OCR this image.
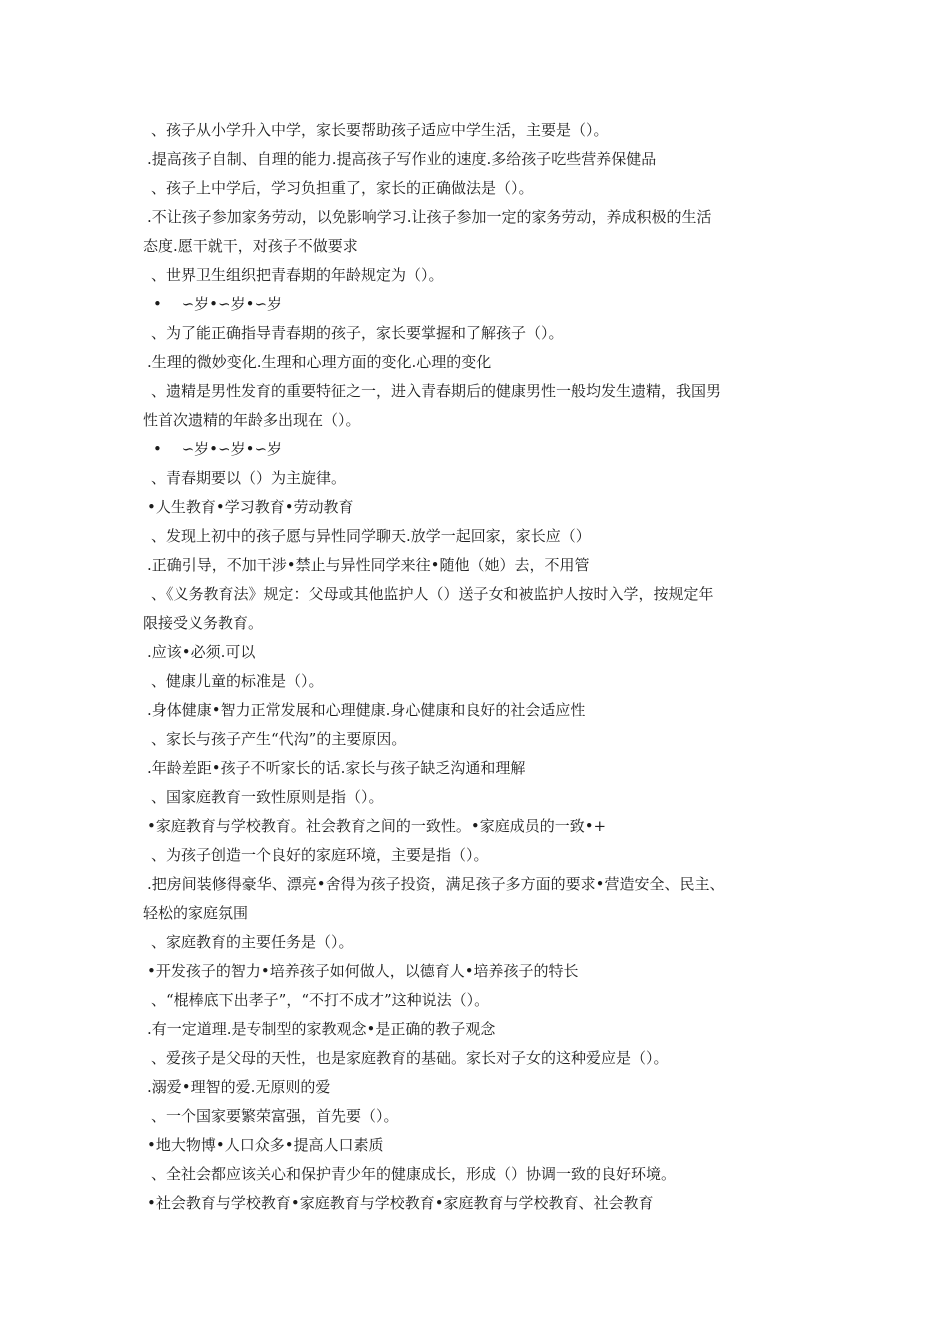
、孩子从小学升入中学，家长要帮助孩子适应中学生活，主要是（）。
.提高孩子自制、自理的能力.提高孩子写作业的速度.多给孩子吃些营养保健品
、孩子上中学后，学习负担重了，家长的正确做法是（）。
.不让孩子参加家务劳动，以免影响学习.让孩子参加一定的家务劳动，养成积极的生活
态度.愿干就干，对孩子不做要求
、世界卫生组织把青春期的年龄规定为（）。
•　 ∽岁•∽岁•∽岁
、为了能正确指导青春期的孩子，家长要掌握和了解孩子（）。
.生理的微妙变化.生理和心理方面的变化.心理的变化
、遗精是男性发育的重要特征之一，进入青春期后的健康男性一般均发生遗精，我国男
性首次遗精的年龄多出现在（）。
•　 ∽岁•∽岁•∽岁
、青春期要以（）为主旋律。
•人生教育•学习教育•劳动教育
、发现上初中的孩子愿与异性同学聊天.放学一起回家，家长应（）
.正确引导，不加干涉•禁止与异性同学来往•随他（她）去，不用管
、《义务教育法》规定：父母或其他监护人（）送子女和被监护人按时入学，按规定年
限接受义务教育。
.应该•必须.可以
、健康儿童的标准是（）。
.身体健康•智力正常发展和心理健康.身心健康和良好的社会适应性
、家长与孩子产生“代沟”的主要原因。
.年龄差距•孩子不听家长的话.家长与孩子缺乏沟通和理解
、国家庭教育一致性原则是指（）。
•家庭教育与学校教育。社会教育之间的一致性。•家庭成员的一致•+
、为孩子创造一个良好的家庭环境，主要是指（）。
.把房间装修得豪华、漂亮•舍得为孩子投资，满足孩子多方面的要求•营造安全、民主、
轻松的家庭氛围
、家庭教育的主要任务是（）。
•开发孩子的智力•培养孩子如何做人，以德育人•培养孩子的特长
、“棍棒底下出孝子”，“不打不成才”这种说法（）。
.有一定道理.是专制型的家教观念•是正确的教子观念
、爱孩子是父母的天性，也是家庭教育的基础。家长对子女的这种爱应是（）。
.溺爱•理智的爱.无原则的爱
、一个国家要繁荣富强，首先要（）。
•地大物博•人口众多•提高人口素质
、全社会都应该关心和保护青少年的健康成长，形成（）协调一致的良好环境。
•社会教育与学校教育•家庭教育与学校教育•家庭教育与学校教育、社会教育
